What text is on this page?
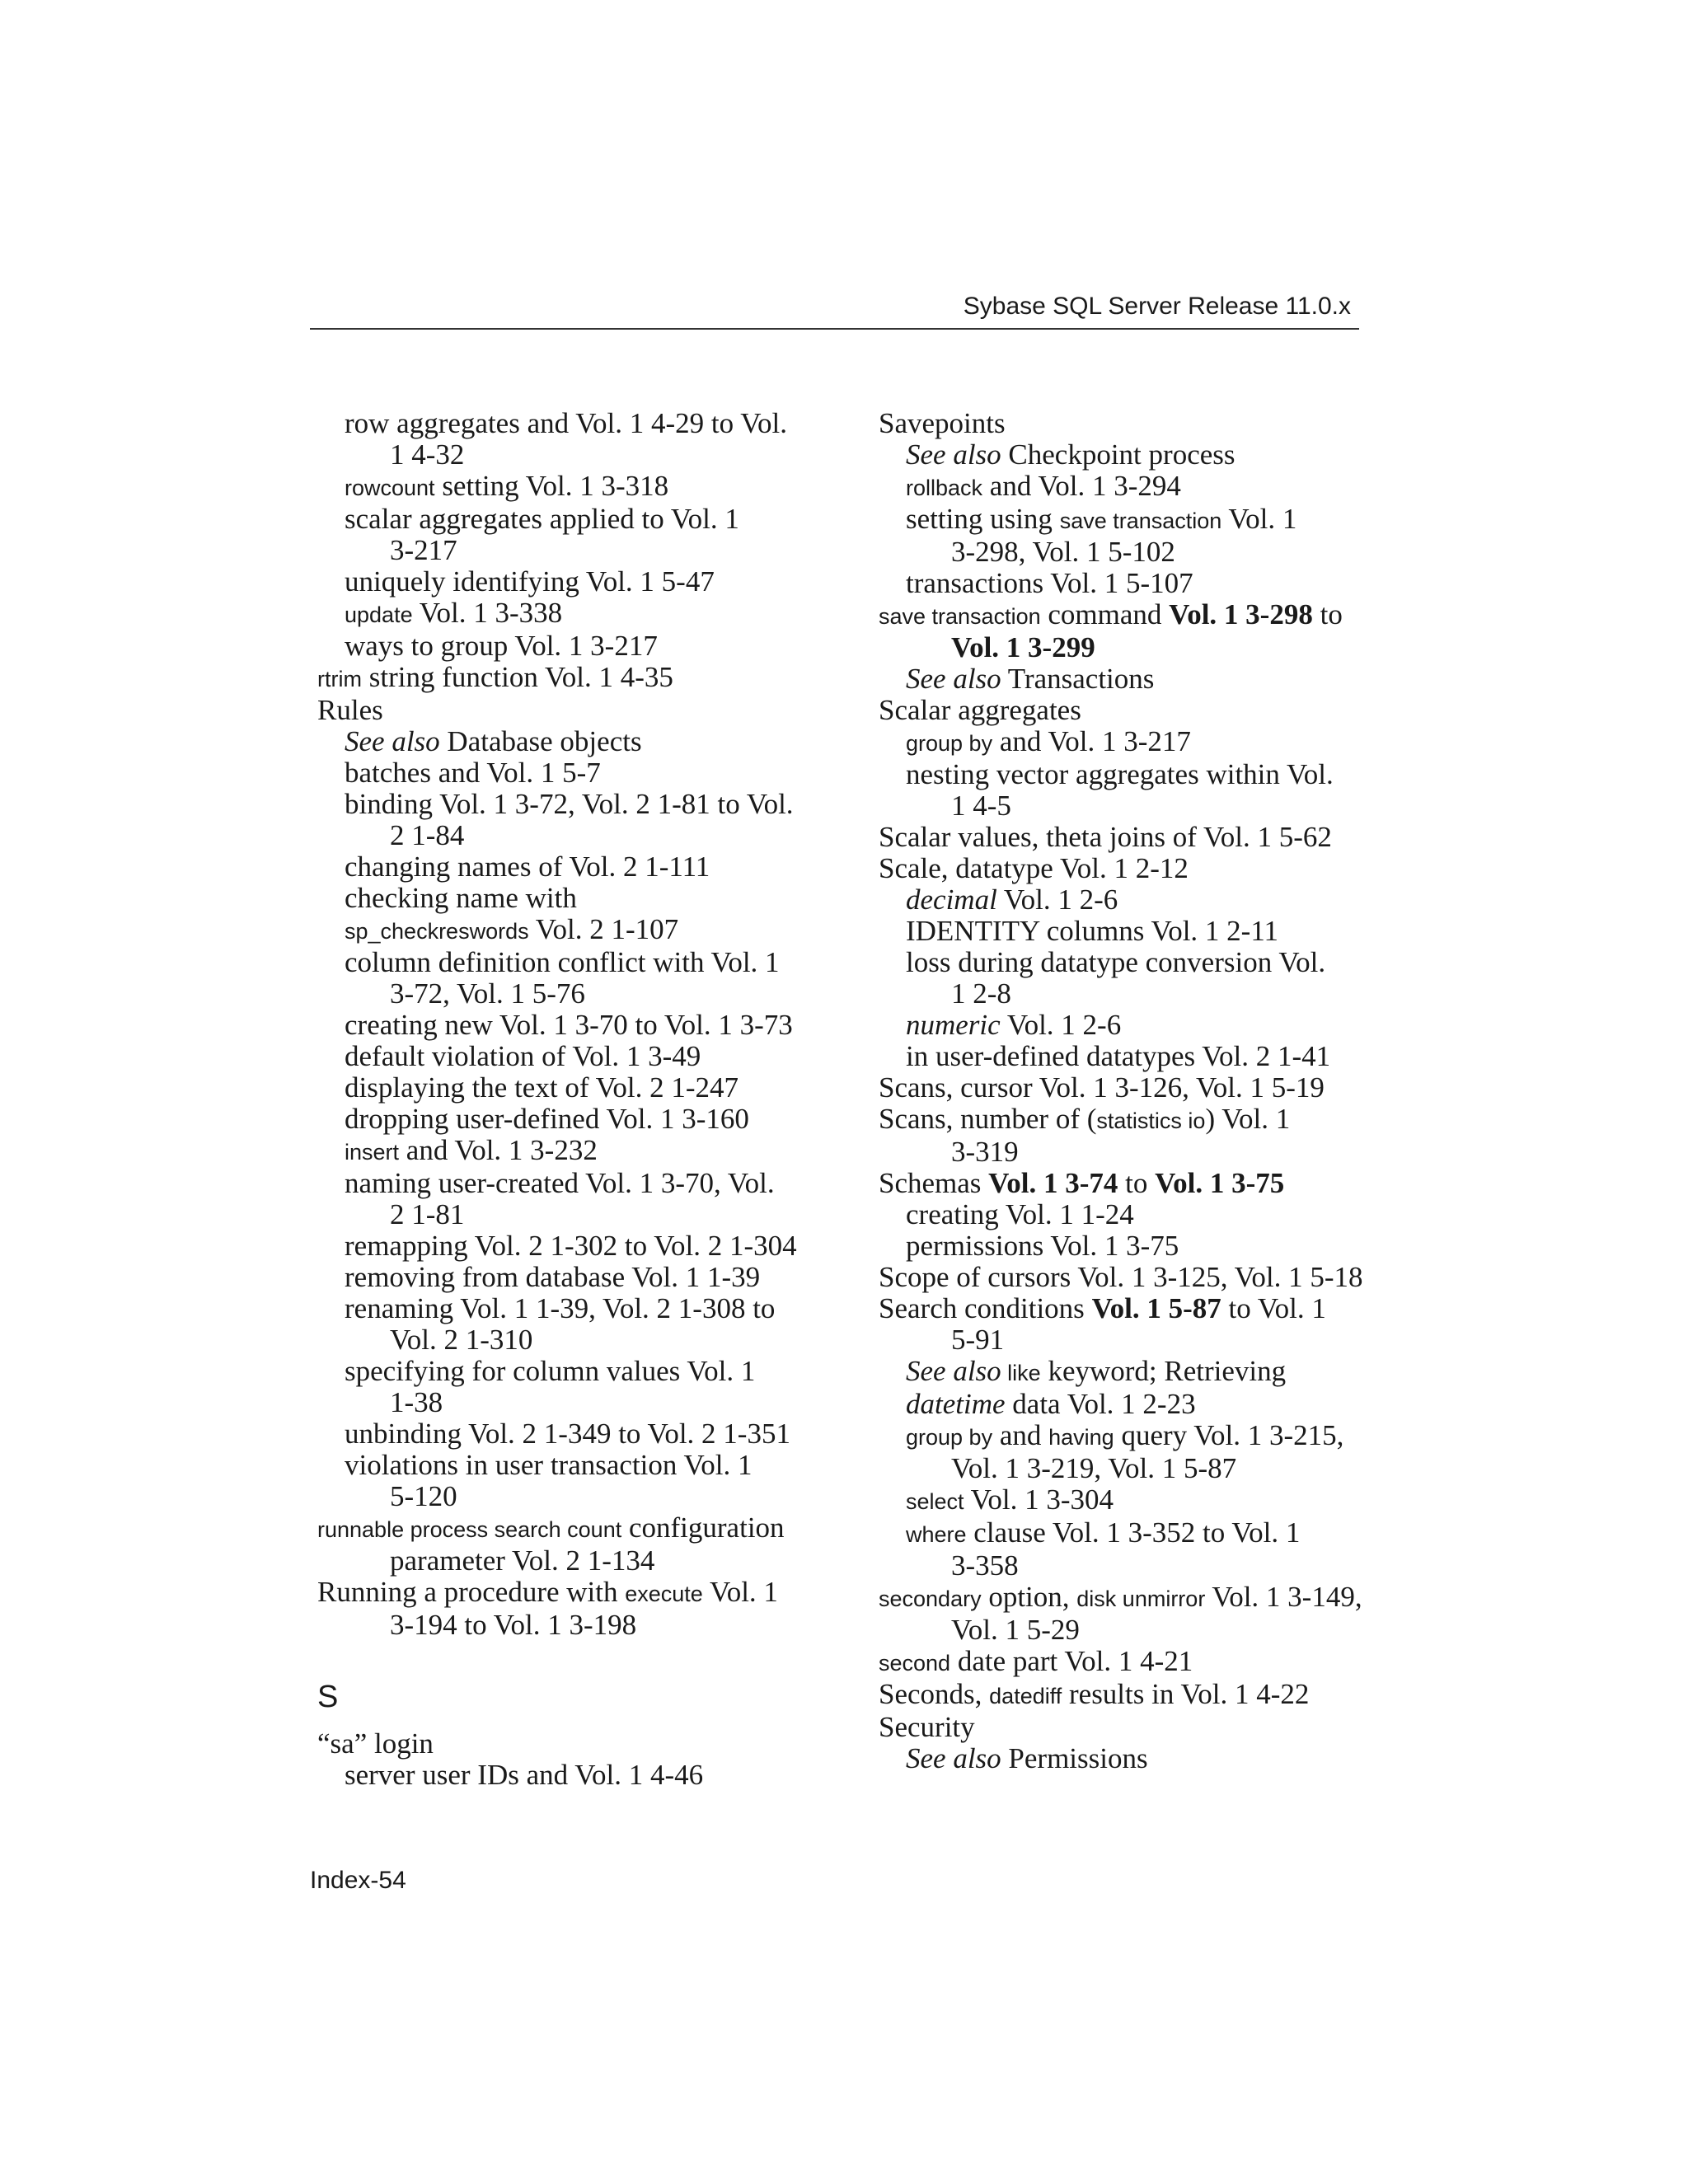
Sybase SQL Server Release 11.0.x
row aggregates and Vol. 1 4-29 to Vol.
1 4-32
rowcount setting Vol. 1 3-318
scalar aggregates applied to Vol. 1
3-217
uniquely identifying Vol. 1 5-47
update Vol. 1 3-338
ways to group Vol. 1 3-217
rtrim string function Vol. 1 4-35
Rules
See also Database objects
batches and Vol. 1 5-7
binding Vol. 1 3-72, Vol. 2 1-81 to Vol.
2 1-84
changing names of Vol. 2 1-111
checking name with
sp_checkreswords Vol. 2 1-107
column definition conflict with Vol. 1
3-72, Vol. 1 5-76
creating new Vol. 1 3-70 to Vol. 1 3-73
default violation of Vol. 1 3-49
displaying the text of Vol. 2 1-247
dropping user-defined Vol. 1 3-160
insert and Vol. 1 3-232
naming user-created Vol. 1 3-70, Vol.
2 1-81
remapping Vol. 2 1-302 to Vol. 2 1-304
removing from database Vol. 1 1-39
renaming Vol. 1 1-39, Vol. 2 1-308 to
Vol. 2 1-310
specifying for column values Vol. 1
1-38
unbinding Vol. 2 1-349 to Vol. 2 1-351
violations in user transaction Vol. 1
5-120
runnable process search count configuration
parameter Vol. 2 1-134
Running a procedure with execute Vol. 1
3-194 to Vol. 1 3-198
S
“sa” login
server user IDs and Vol. 1 4-46
Savepoints
See also Checkpoint process
rollback and Vol. 1 3-294
setting using save transaction Vol. 1
3-298, Vol. 1 5-102
transactions Vol. 1 5-107
save transaction command Vol. 1 3-298 to
Vol. 1 3-299
See also Transactions
Scalar aggregates
group by and Vol. 1 3-217
nesting vector aggregates within Vol.
1 4-5
Scalar values, theta joins of Vol. 1 5-62
Scale, datatype Vol. 1 2-12
decimal Vol. 1 2-6
IDENTITY columns Vol. 1 2-11
loss during datatype conversion Vol.
1 2-8
numeric Vol. 1 2-6
in user-defined datatypes Vol. 2 1-41
Scans, cursor Vol. 1 3-126, Vol. 1 5-19
Scans, number of (statistics io) Vol. 1
3-319
Schemas Vol. 1 3-74 to Vol. 1 3-75
creating Vol. 1 1-24
permissions Vol. 1 3-75
Scope of cursors Vol. 1 3-125, Vol. 1 5-18
Search conditions Vol. 1 5-87 to Vol. 1
5-91
See also like keyword; Retrieving
datetime data Vol. 1 2-23
group by and having query Vol. 1 3-215,
Vol. 1 3-219, Vol. 1 5-87
select Vol. 1 3-304
where clause Vol. 1 3-352 to Vol. 1
3-358
secondary option, disk unmirror Vol. 1 3-149,
Vol. 1 5-29
second date part Vol. 1 4-21
Seconds, datediff results in Vol. 1 4-22
Security
See also Permissions
Index-54
